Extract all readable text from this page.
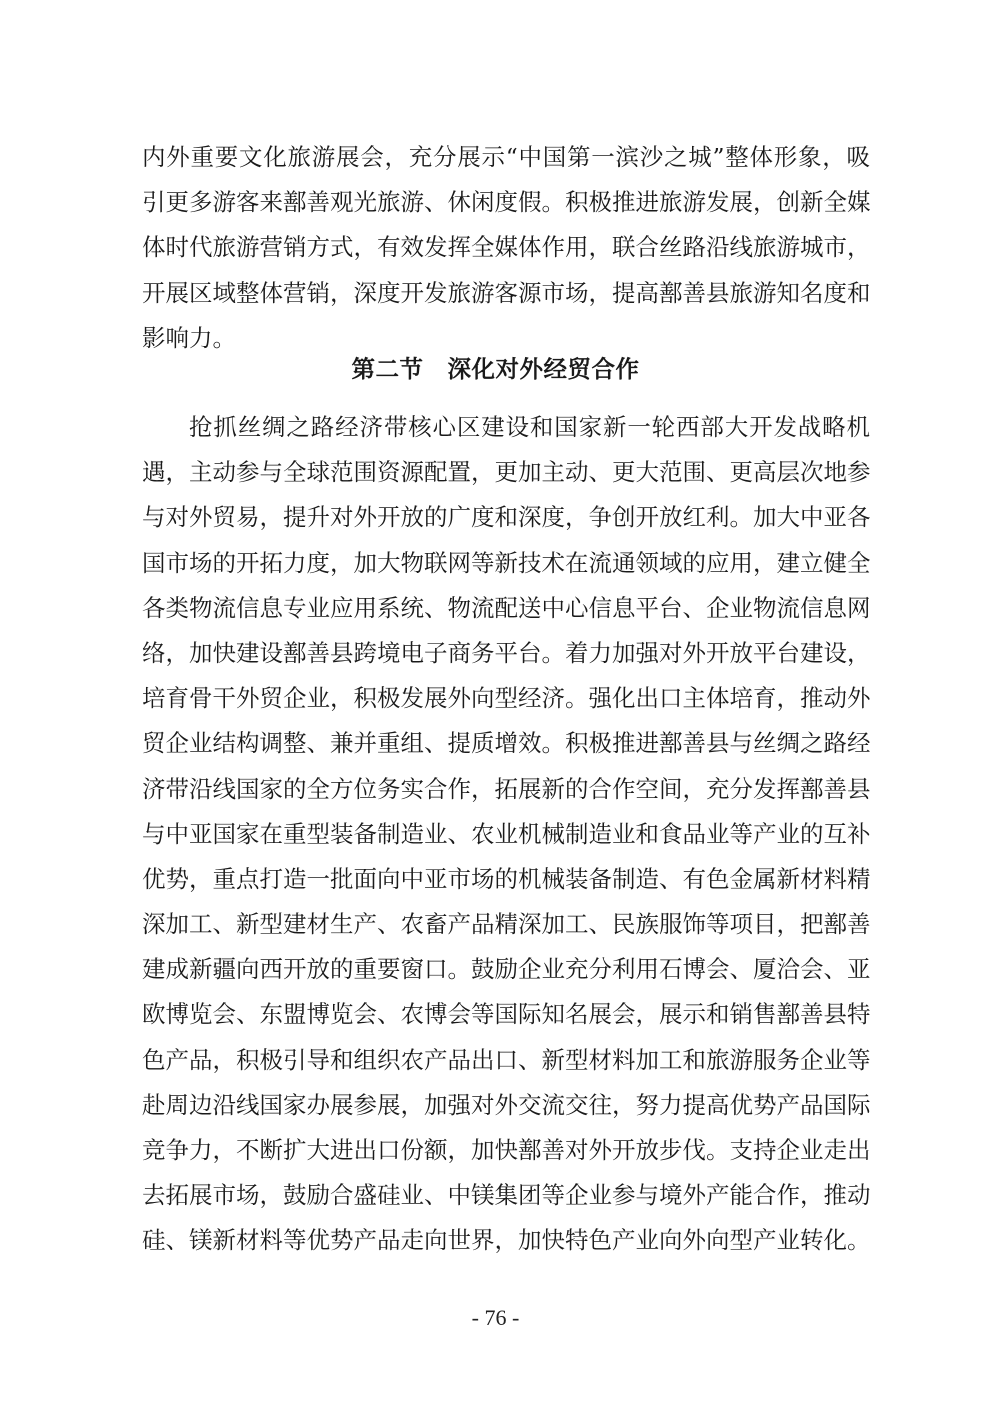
内外重要文化旅游展会，充分展示“中国第一滨沙之城”整体形象，吸
引更多游客来鄯善观光旅游、休闲度假。积极推进旅游发展，创新全媒
体时代旅游营销方式，有效发挥全媒体作用，联合丝路沿线旅游城市，
开展区域整体营销，深度开发旅游客源市场，提高鄯善县旅游知名度和
影响力。
第二节　深化对外经贸合作
抢抓丝绸之路经济带核心区建设和国家新一轮西部大开发战略机
遇，主动参与全球范围资源配置，更加主动、更大范围、更高层次地参
与对外贸易，提升对外开放的广度和深度，争创开放红利。加大中亚各
国市场的开拓力度，加大物联网等新技术在流通领域的应用，建立健全
各类物流信息专业应用系统、物流配送中心信息平台、企业物流信息网
络，加快建设鄯善县跨境电子商务平台。着力加强对外开放平台建设，
培育骨干外贸企业，积极发展外向型经济。强化出口主体培育，推动外
贸企业结构调整、兼并重组、提质增效。积极推进鄯善县与丝绸之路经
济带沿线国家的全方位务实合作，拓展新的合作空间，充分发挥鄯善县
与中亚国家在重型装备制造业、农业机械制造业和食品业等产业的互补
优势，重点打造一批面向中亚市场的机械装备制造、有色金属新材料精
深加工、新型建材生产、农畜产品精深加工、民族服饰等项目，把鄯善
建成新疆向西开放的重要窗口。鼓励企业充分利用石博会、厦洽会、亚
欧博览会、东盟博览会、农博会等国际知名展会，展示和销售鄯善县特
色产品，积极引导和组织农产品出口、新型材料加工和旅游服务企业等
赴周边沿线国家办展参展，加强对外交流交往，努力提高优势产品国际
竞争力，不断扩大进出口份额，加快鄯善对外开放步伐。支持企业走出
去拓展市场，鼓励合盛硅业、中镁集团等企业参与境外产能合作，推动
硅、镁新材料等优势产品走向世界，加快特色产业向外向型产业转化。
- 76 -
